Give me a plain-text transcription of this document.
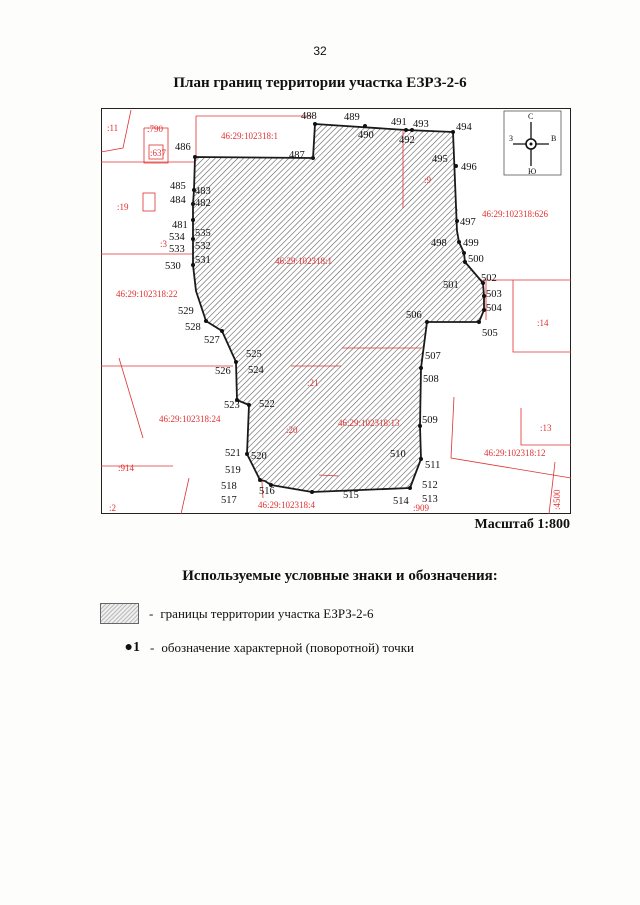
32
План границ территории участка ЕЗРЗ-2-6
С
Ю
З	В
:11	:790
:637
46:29:102318:1
:19
:3
46:29:102318:22
:9
46:29:102318:626
46:29:102318:1
:14
:21
:20
46:29:102318:24	46:29:102318:13	:13
46:29:102318:12
:914
:2	46:29:102318:4	:909	:4500
486
487
488	489
490
491
492
493	494
495
496
497
498 499
500
501
502
503
504
505
506
507
508
509
510
511
512
513
514
515
516
517
518
519
520
521
522
523
524
525
526
527
528
529
530
531
532
533
534 535
481
482
483
484
485
Масштаб 1:800
Используемые условные знаки и обозначения:
- границы территории участка ЕЗРЗ-2-6
●1 - обозначение характерной (поворотной) точки
